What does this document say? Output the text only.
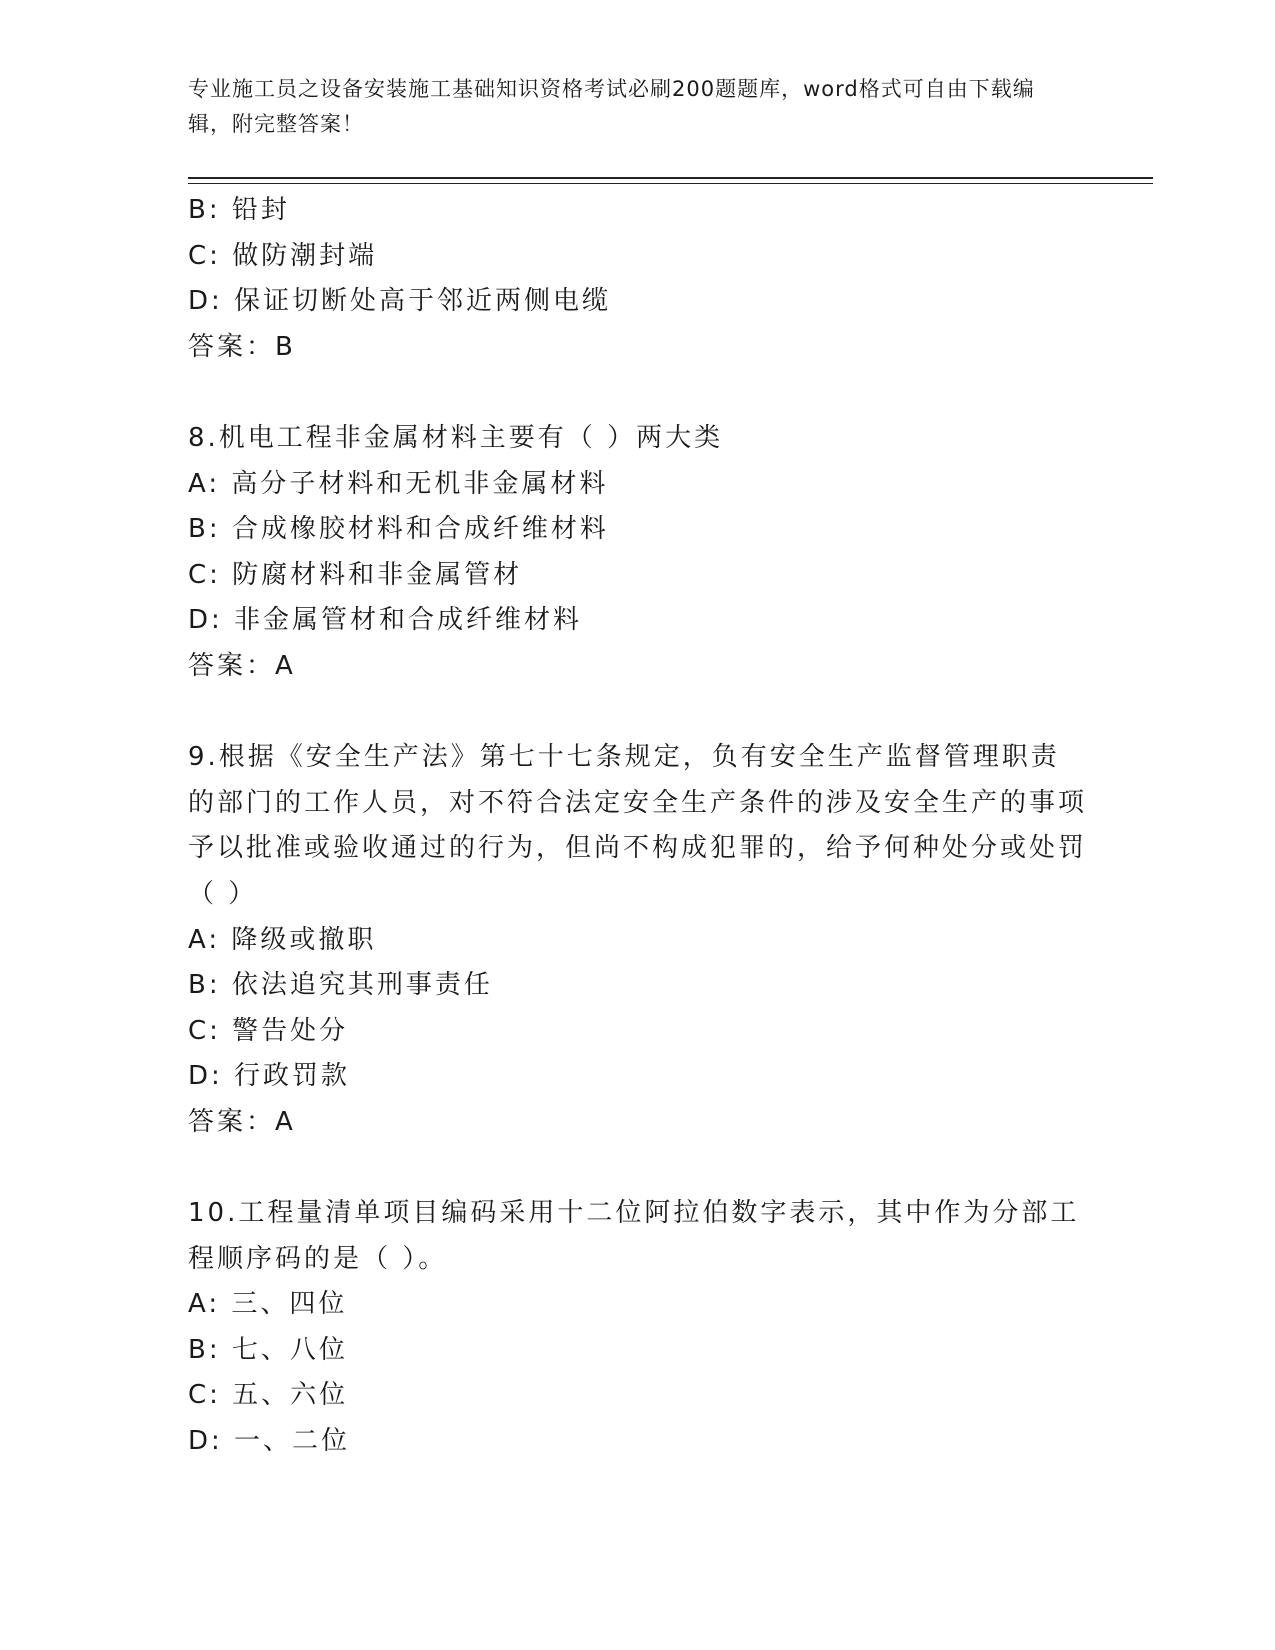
专业施工员之设备安装施工基础知识资格考试必刷200题题库，word格式可自由下载编辑，附完整答案！

B: 铅封

C: 做防潮封端

D: 保证切断处高于邻近两侧电缆

答案：B

8.机电工程非金属材料主要有（ ）两大类

A: 高分子材料和无机非金属材料

B: 合成橡胶材料和合成纤维材料

C: 防腐材料和非金属管材

D: 非金属管材和合成纤维材料

答案：A

9.根据《安全生产法》第七十七条规定，负有安全生产监督管理职责的部门的工作人员，对不符合法定安全生产条件的涉及安全生产的事项予以批准或验收通过的行为，但尚不构成犯罪的，给予何种处分或处罚（ ）

A: 降级或撤职

B: 依法追究其刑事责任

C: 警告处分

D: 行政罚款

答案：A

10.工程量清单项目编码采用十二位阿拉伯数字表示，其中作为分部工程顺序码的是（ ）。

A: 三、四位

B: 七、八位

C: 五、六位

D: 一、二位
